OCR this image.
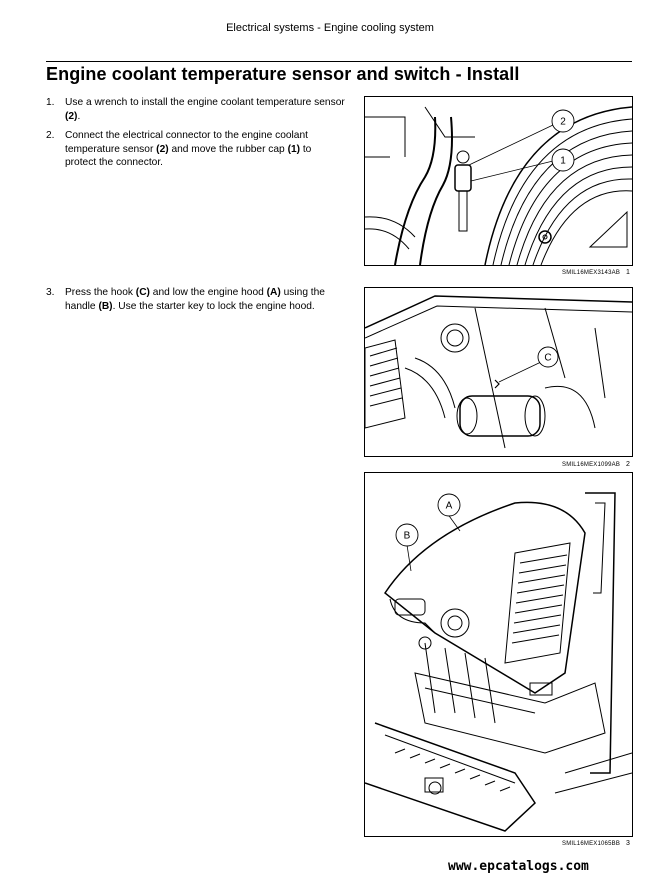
Electrical systems - Engine cooling system
Engine coolant temperature sensor and switch - Install
1. Use a wrench to install the engine coolant temperature sensor (2).
2. Connect the electrical connector to the engine coolant temperature sensor (2) and move the rubber cap (1) to protect the connector.
3. Press the hook (C) and low the engine hood (A) using the handle (B). Use the starter key to lock the engine hood.
2
1
SMIL16MEX3143AB 1
C
SMIL16MEX1099AB 2
A
B
SMIL16MEX1065BB 3
www.epcatalogs.com
